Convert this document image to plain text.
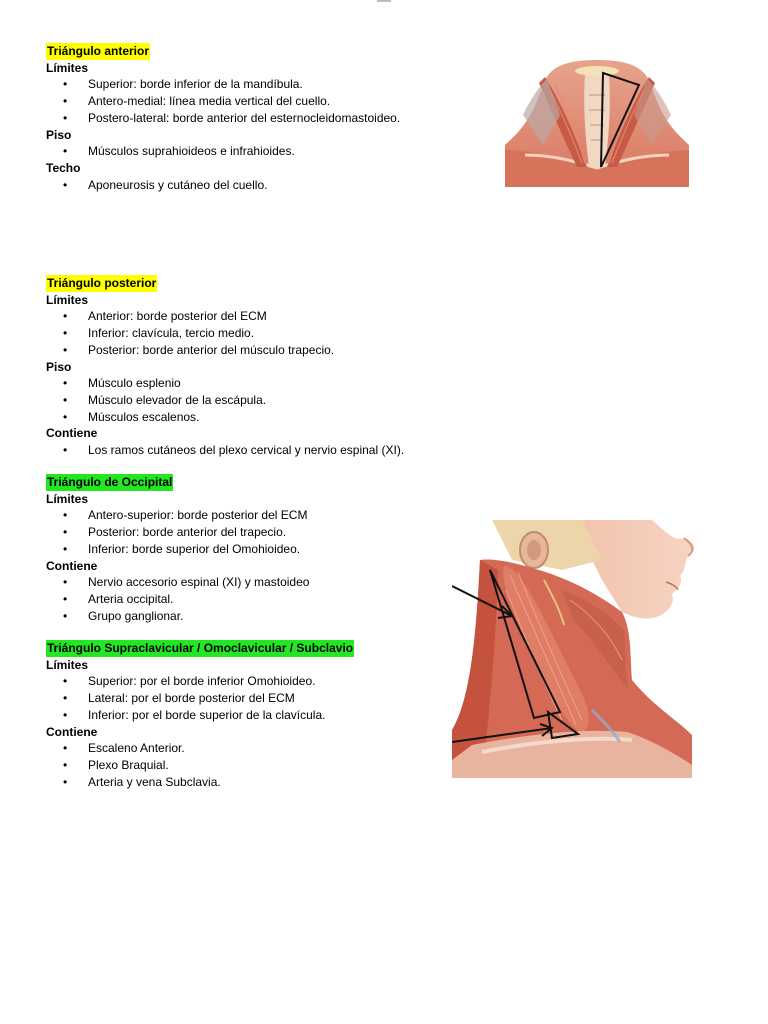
Triángulo anterior
Límites
• Superior: borde inferior de la mandíbula.
• Antero-medial: línea media vertical del cuello.
• Postero-lateral: borde anterior del esternocleidomastoideo.
Piso
• Músculos suprahioideos e infrahioides.
Techo
• Aponeurosis y cutáneo del cuello.
Triángulo posterior
Límites
• Anterior: borde posterior del ECM
• Inferior: clavícula, tercio medio.
• Posterior: borde anterior del músculo trapecio.
Piso
• Músculo esplenio
• Músculo elevador de la escápula.
• Músculos escalenos.
Contiene
• Los ramos cutáneos del plexo cervical y nervio espinal (XI).
Triángulo de Occipital
Límites
• Antero-superior: borde posterior del ECM
• Posterior: borde anterior del trapecio.
• Inferior: borde superior del Omohioideo.
Contiene
• Nervio accesorio espinal (XI) y mastoideo
• Arteria occipital.
• Grupo ganglionar.
Triángulo Supraclavicular / Omoclavicular / Subclavio
Límites
• Superior: por el borde inferior Omohioideo.
• Lateral: por el borde posterior del ECM
• Inferior: por el borde superior de la clavícula.
Contiene
• Escaleno Anterior.
• Plexo Braquial.
• Arteria y vena Subclavia.
